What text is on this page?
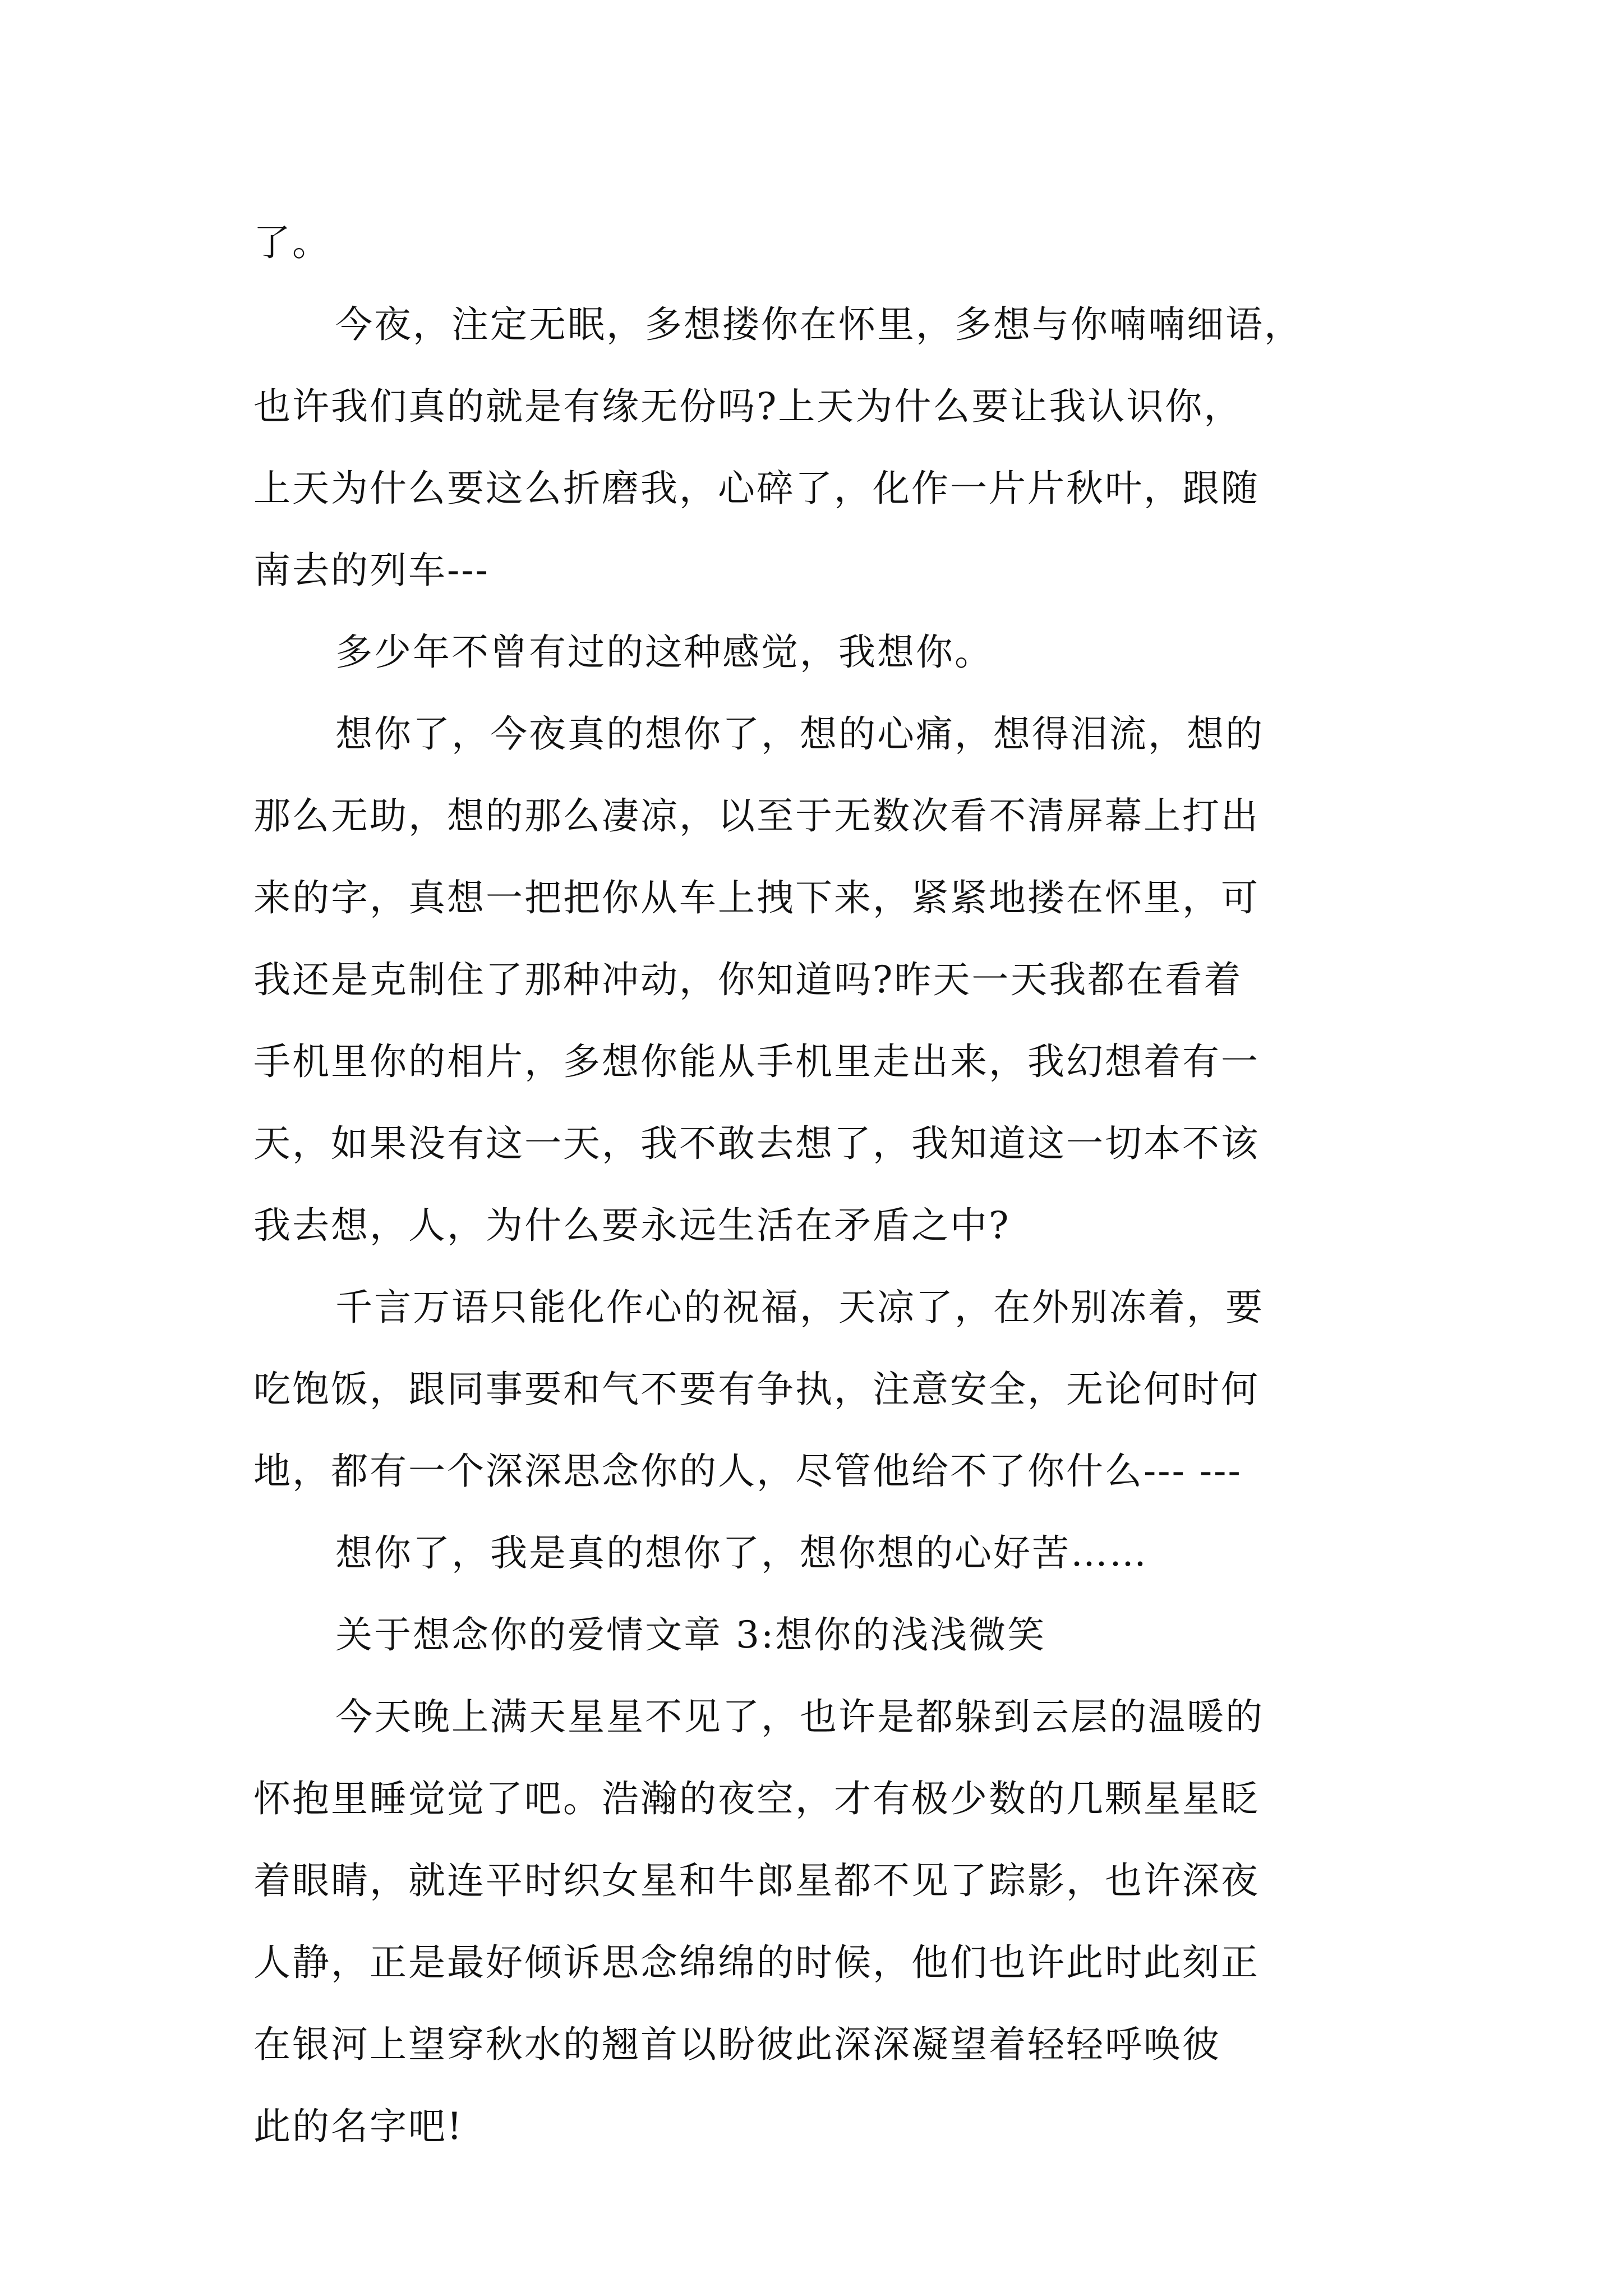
了。
今夜，注定无眠，多想搂你在怀里，多想与你喃喃细语，
也许我们真的就是有缘无份吗?上天为什么要让我认识你，
上天为什么要这么折磨我，心碎了，化作一片片秋叶，跟随
南去的列车---
多少年不曾有过的这种感觉，我想你。
想你了，今夜真的想你了，想的心痛，想得泪流，想的
那么无助，想的那么凄凉，以至于无数次看不清屏幕上打出
来的字，真想一把把你从车上拽下来，紧紧地搂在怀里，可
我还是克制住了那种冲动，你知道吗?昨天一天我都在看着
手机里你的相片，多想你能从手机里走出来，我幻想着有一
天，如果没有这一天，我不敢去想了，我知道这一切本不该
我去想，人，为什么要永远生活在矛盾之中?
千言万语只能化作心的祝福，天凉了，在外别冻着，要
吃饱饭，跟同事要和气不要有争执，注意安全，无论何时何
地，都有一个深深思念你的人，尽管他给不了你什么--- ---
想你了，我是真的想你了，想你想的心好苦……
关于想念你的爱情文章 3:想你的浅浅微笑
今天晚上满天星星不见了，也许是都躲到云层的温暖的
怀抱里睡觉觉了吧。浩瀚的夜空，才有极少数的几颗星星眨
着眼睛，就连平时织女星和牛郎星都不见了踪影，也许深夜
人静，正是最好倾诉思念绵绵的时候，他们也许此时此刻正
在银河上望穿秋水的翘首以盼彼此深深凝望着轻轻呼唤彼
此的名字吧!
